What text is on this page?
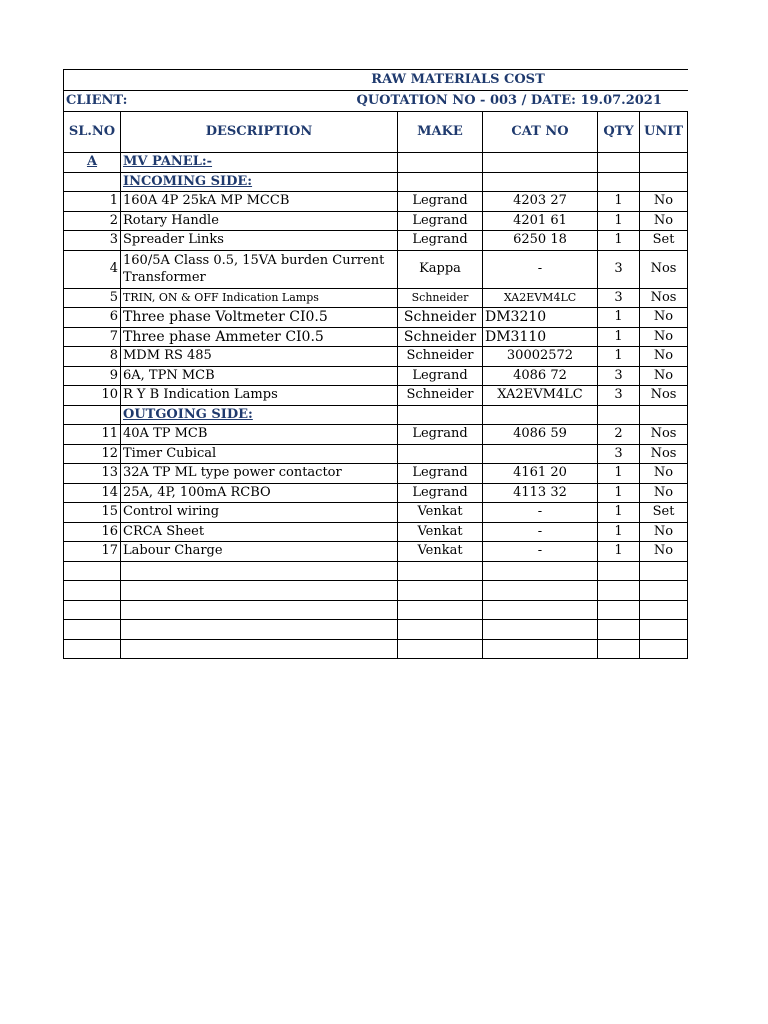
	RAW MATERIALS COST				
CLIENT:		QUOTATION NO - 003 / DATE: 19.07.2021			
SL.NO	DESCRIPTION	MAKE	CAT NO	QTY	UNIT
A	MV PANEL:-				
	INCOMING SIDE:				
1	160A 4P 25kA MP MCCB	Legrand	4203 27	1	No
2	Rotary Handle	Legrand	4201 61	1	No
3	Spreader Links	Legrand	6250 18	1	Set
4	160/5A Class 0.5, 15VA burden Current Transformer	Kappa	-	3	Nos
5	TRIN, ON & OFF Indication Lamps	Schneider	XA2EVM4LC	3	Nos
6	Three phase Voltmeter CI0.5	Schneider	DM3210	1	No
7	Three phase Ammeter CI0.5	Schneider	DM3110	1	No
8	MDM RS 485	Schneider	30002572	1	No
9	6A, TPN MCB	Legrand	4086 72	3	No
10	R Y B Indication Lamps	Schneider	XA2EVM4LC	3	Nos
	OUTGOING SIDE:				
11	40A TP MCB	Legrand	4086 59	2	Nos
12	Timer Cubical			3	Nos
13	32A TP ML type power contactor	Legrand	4161 20	1	No
14	25A, 4P, 100mA RCBO	Legrand	4113 32	1	No
15	Control wiring	Venkat	-	1	Set
16	CRCA Sheet	Venkat	-	1	No
17	Labour Charge	Venkat	-	1	No
